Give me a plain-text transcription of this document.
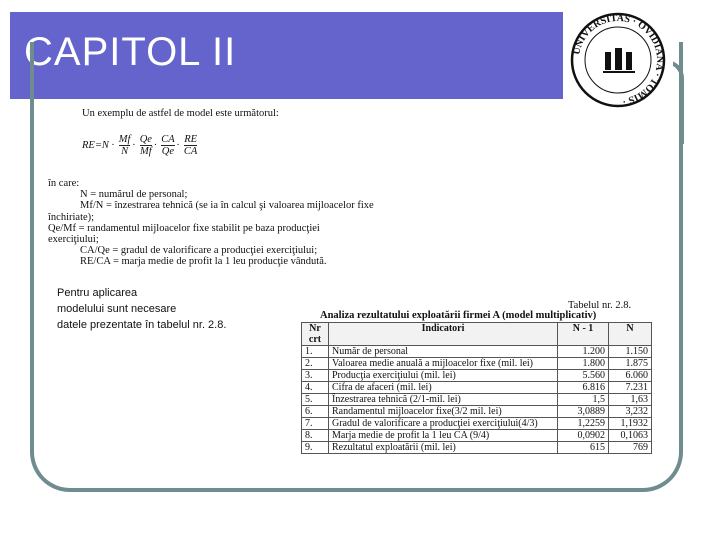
CAPITOL II	UNIVERSITAS · OVIDIANA · TOMIS ·
Un exemplu de astfel de model este următorul:
$RE=N \cdot \frac{Mf}{N} \cdot \frac{Qe}{Mf} \cdot \frac{CA}{Qe} \cdot \frac{RE}{CA}$
în care:
N = numărul de personal;
Mf/N = înzestrarea tehnică (se ia în calcul şi valoarea mijloacelor fixe
închiriate);
Qe/Mf = randamentul mijloacelor fixe stabilit pe baza producţiei
exerciţiului;
CA/Qe = gradul de valorificare a producţiei exerciţiului;
RE/CA = marja medie de profit la 1 leu producţie vândută.
Pentru aplicarea
modelului sunt necesare
datele prezentate în tabelul nr. 2.8.
Tabelul nr. 2.8.
Analiza rezultatului exploatării firmei A (model multiplicativ)
Nr crt	Indicatori	N - 1	N
1.	Număr de personal	1.200	1.150
2.	Valoarea medie anuală a mijloacelor fixe (mil. lei)	1.800	1.875
3.	Producţia exerciţiului (mil. lei)	5.560	6.060
4.	Cifra de afaceri (mil. lei)	6.816	7.231
5.	Înzestrarea tehnică (2/1-mil. lei)	1,5	1,63
6.	Randamentul mijloacelor fixe(3/2 mil. lei)	3,0889	3,232
7.	Gradul de valorificare a producţiei exerciţiului(4/3)	1,2259	1,1932
8.	Marja medie de profit la 1 leu CA (9/4)	0,0902	0,1063
9.	Rezultatul exploatării (mil. lei)	615	769
